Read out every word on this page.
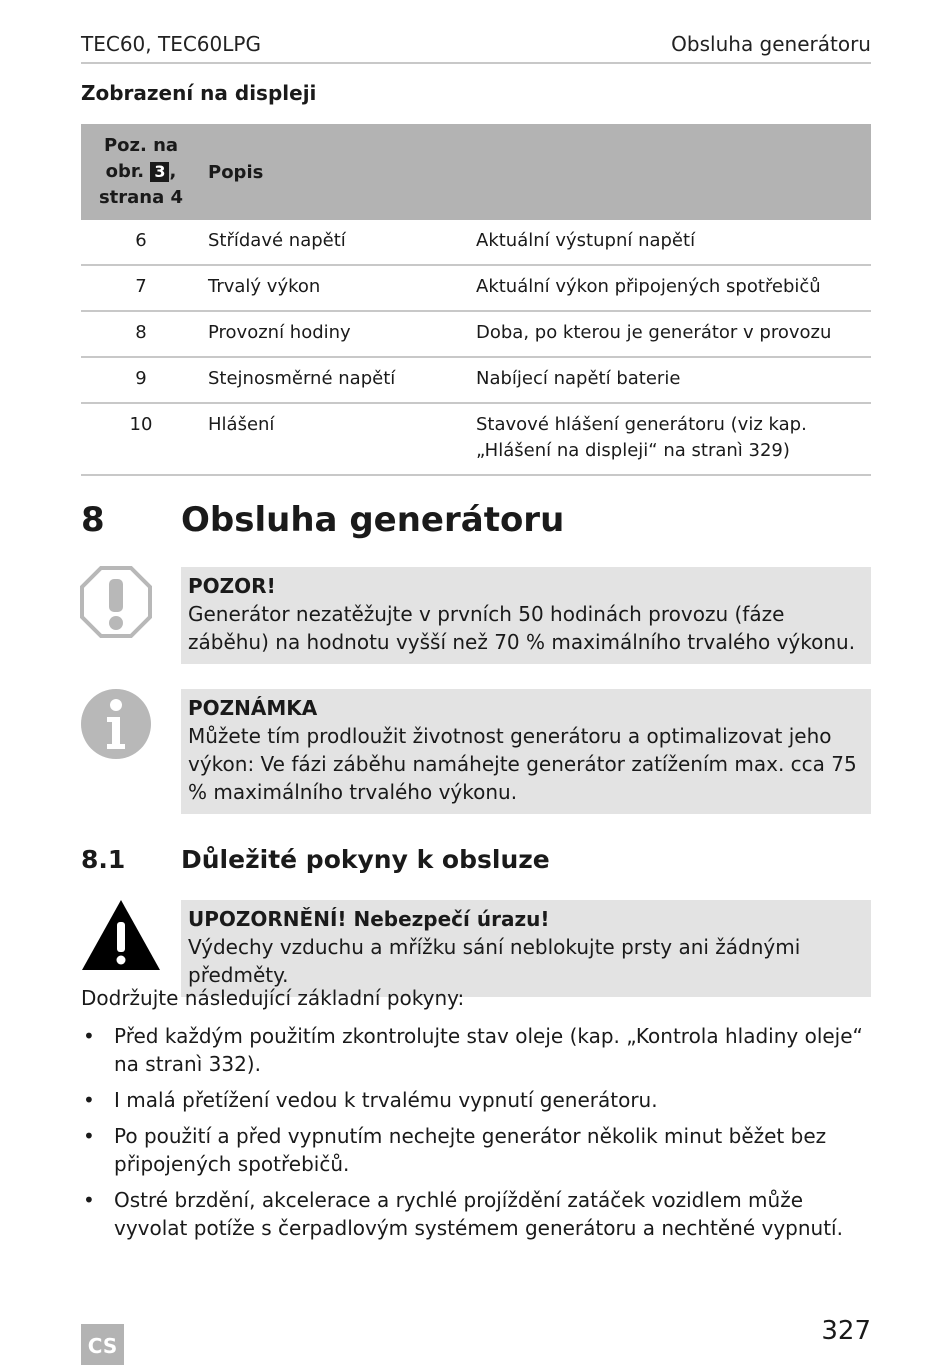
TEC60, TEC60LPG	Obsluha generátoru
Zobrazení na displeji
Poz. na
obr. 3 ,
strana 4	Popis	
6	Střídavé napětí	Aktuální výstupní napětí
7	Trvalý výkon	Aktuální výkon připojených spotřebičů
8	Provozní hodiny	Doba, po kterou je generátor v provozu
9	Stejnosměrné napětí	Nabíjecí napětí baterie
10	Hlášení	Stavové hlášení generátoru (viz kap. „Hlášení na displeji“ na stranì 329)
8 Obsluha generátoru
POZOR!
Generátor nezatěžujte v prvních 50 hodinách provozu (fáze záběhu) na hodnotu vyšší než 70 % maximálního trvalého výkonu.
POZNÁMKA
Můžete tím prodloužit životnost generátoru a optimalizovat jeho výkon: Ve fázi záběhu namáhejte generátor zatížením max. cca 75 % maximálního trvalého výkonu.
8.1 Důležité pokyny k obsluze
UPOZORNĚNÍ! Nebezpečí úrazu!
Výdechy vzduchu a mřížku sání neblokujte prsty ani žádnými předměty.
Dodržujte následující základní pokyny:
• Před každým použitím zkontrolujte stav oleje (kap. „Kontrola hladiny oleje“ na stranì 332).
• I malá přetížení vedou k trvalému vypnutí generátoru.
• Po použití a před vypnutím nechejte generátor několik minut běžet bez připojených spotřebičů.
• Ostré brzdění, akcelerace a rychlé projíždění zatáček vozidlem může vyvolat potíže s čerpadlovým systémem generátoru a nechtěné vypnutí.
327
CS
